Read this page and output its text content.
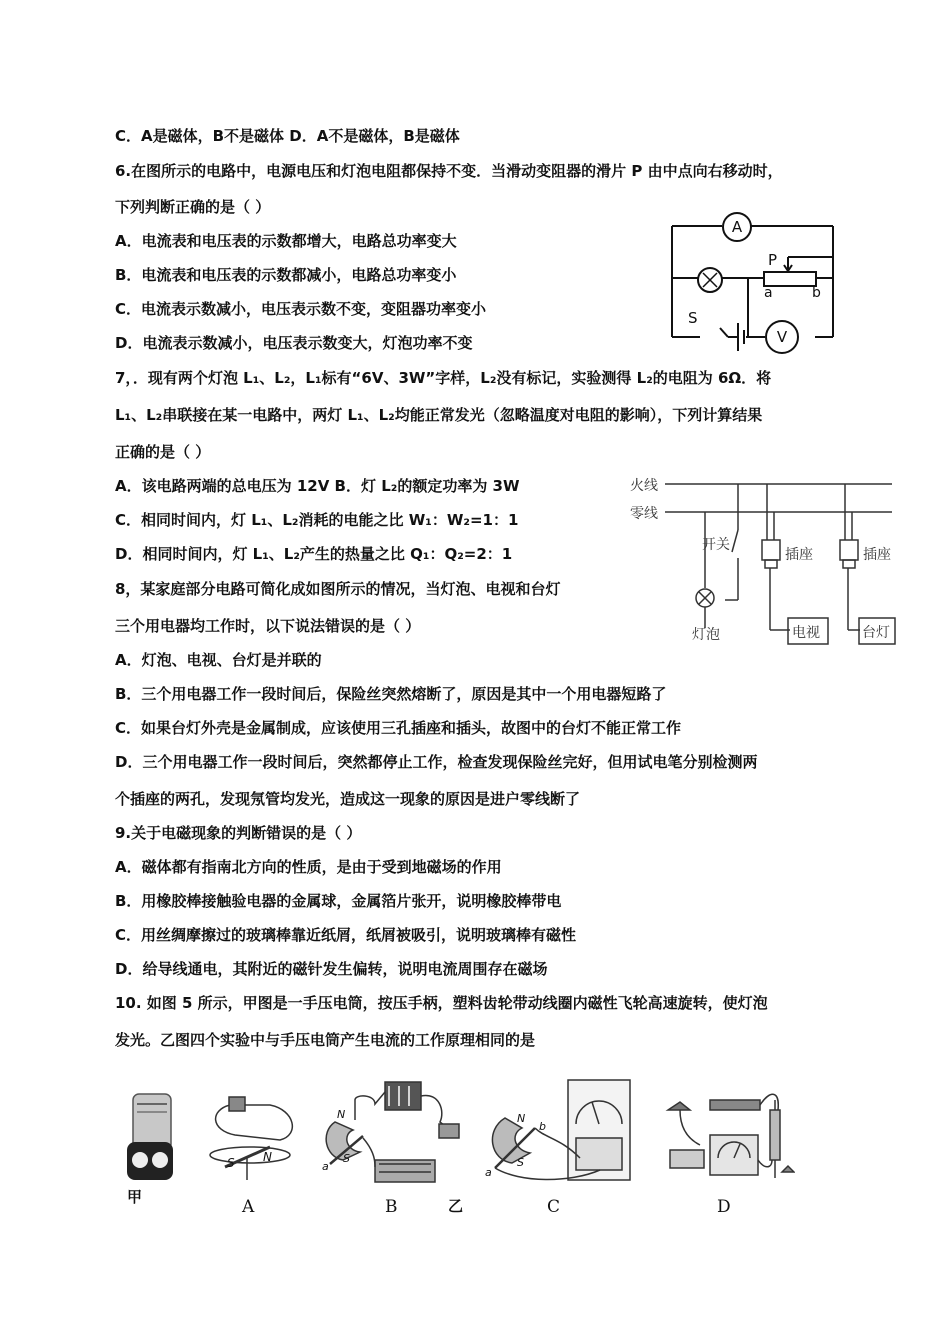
C．A是磁体，B不是磁体 D．A不是磁体，B是磁体
6.在图所示的电路中，电源电压和灯泡电阻都保持不变．当滑动变阻器的滑片 P 由中点向右移动时，
下列判断正确的是（ ）
A．电流表和电压表的示数都增大，电路总功率变大
B．电流表和电压表的示数都减小，电路总功率变小
C．电流表示数减小，电压表示数不变，变阻器功率变小
D．电流表示数减小，电压表示数变大，灯泡功率不变
7，．现有两个灯泡 L₁、L₂，L₁标有“6V、3W”字样，L₂没有标记，实验测得 L₂的电阻为 6Ω．将
L₁、L₂串联接在某一电路中，两灯 L₁、L₂均能正常发光（忽略温度对电阻的影响），下列计算结果
正确的是（ ）
A．该电路两端的总电压为 12V B．灯 L₂的额定功率为 3W
C．相同时间内，灯 L₁、L₂消耗的电能之比 W₁：W₂=1：1
D．相同时间内，灯 L₁、L₂产生的热量之比 Q₁：Q₂=2：1
8，某家庭部分电路可简化成如图所示的情况，当灯泡、电视和台灯
三个用电器均工作时，以下说法错误的是（ ）
A．灯泡、电视、台灯是并联的
B．三个用电器工作一段时间后，保险丝突然熔断了，原因是其中一个用电器短路了
C．如果台灯外壳是金属制成，应该使用三孔插座和插头，故图中的台灯不能正常工作
D．三个用电器工作一段时间后，突然都停止工作，检查发现保险丝完好，但用试电笔分别检测两
个插座的两孔，发现氖管均发光，造成这一现象的原因是进户零线断了
9.关于电磁现象的判断错误的是（ ）
A．磁体都有指南北方向的性质，是由于受到地磁场的作用
B．用橡胶棒接触验电器的金属球，金属箔片张开，说明橡胶棒带电
C．用丝绸摩擦过的玻璃棒靠近纸屑，纸屑被吸引，说明玻璃棒有磁性
D．给导线通电，其附近的磁针发生偏转，说明电流周围存在磁场
10. 如图 5 所示，甲图是一手压电筒，按压手柄，塑料齿轮带动线圈内磁性飞轮高速旋转，使灯泡
发光。乙图四个实验中与手压电筒产生电流的工作原理相同的是
A
P
a	b
S
V
火线
零线
开关
插座	插座
灯泡	电视	台灯
甲
S N
A
N
S
a
B	乙
N
b
S
a
C	D
